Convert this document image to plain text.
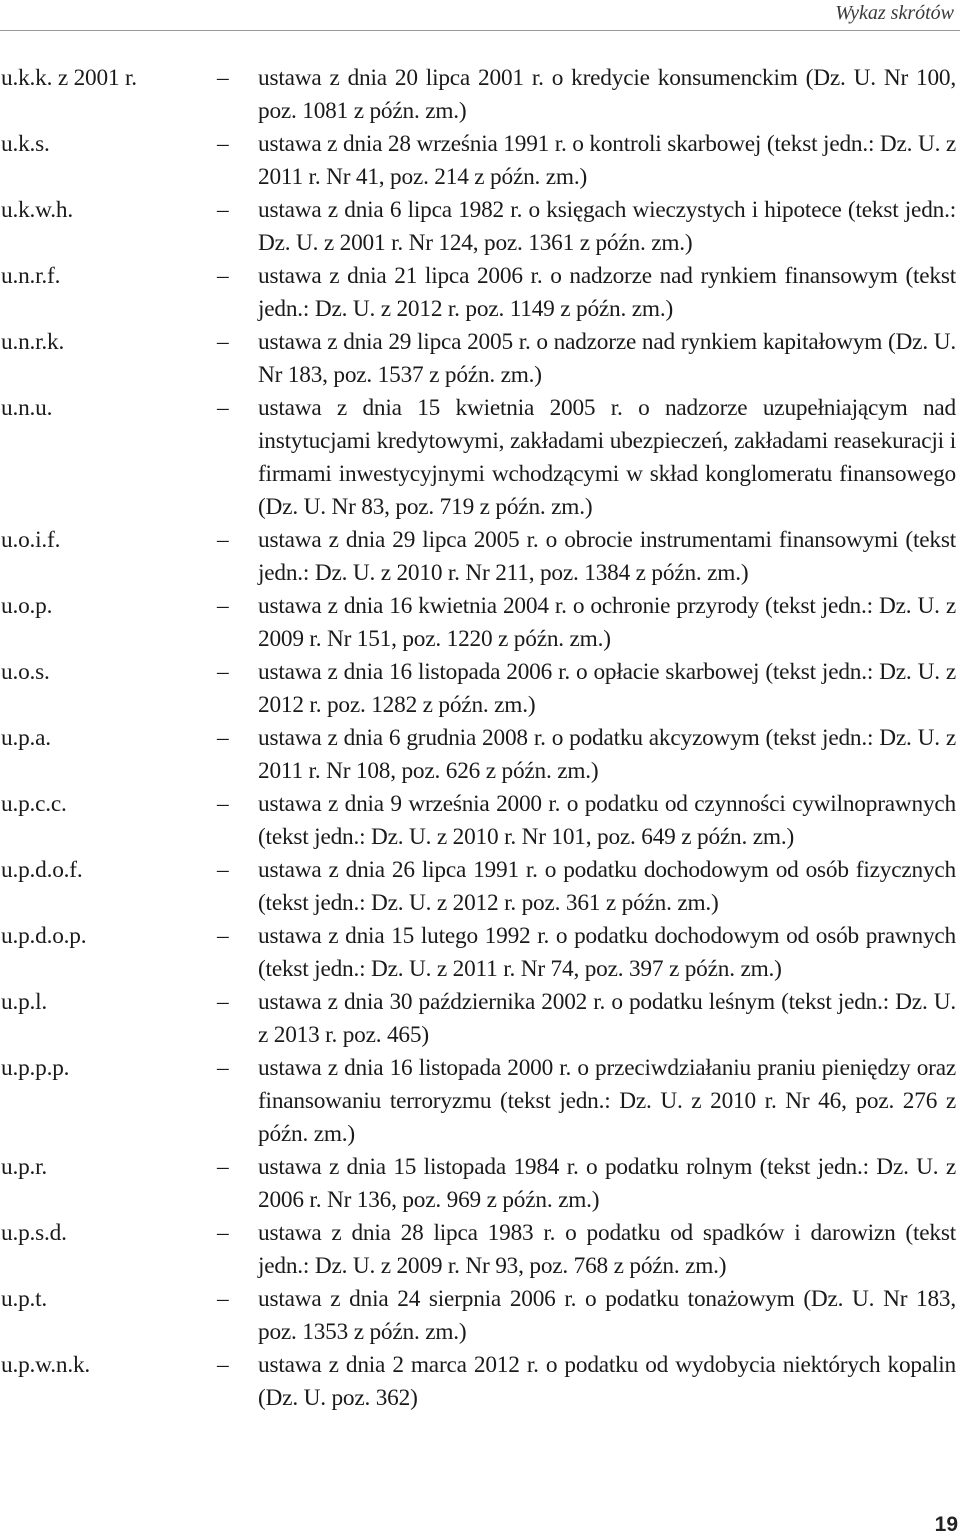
Wykaz skrótów
u.k.k. z 2001 r.	–	ustawa z dnia 20 lipca 2001 r. o kredycie konsumenckim (Dz. U. Nr 100, poz. 1081 z późn. zm.)
u.k.s.	–	ustawa z dnia 28 września 1991 r. o kontroli skarbowej (tekst jedn.: Dz. U. z 2011 r. Nr 41, poz. 214 z późn. zm.)
u.k.w.h.	–	ustawa z dnia 6 lipca 1982 r. o księgach wieczystych i hipotece (tekst jedn.: Dz. U. z 2001 r. Nr 124, poz. 1361 z późn. zm.)
u.n.r.f.	–	ustawa z dnia 21 lipca 2006 r. o nadzorze nad rynkiem finansowym (tekst jedn.: Dz. U. z 2012 r. poz. 1149 z późn. zm.)
u.n.r.k.	–	ustawa z dnia 29 lipca 2005 r. o nadzorze nad rynkiem kapitałowym (Dz. U. Nr 183, poz. 1537 z późn. zm.)
u.n.u.	–	ustawa z dnia 15 kwietnia 2005 r. o nadzorze uzupełniającym nad instytucjami kredytowymi, zakładami ubezpieczeń, zakładami reasekuracji i firmami inwestycyjnymi wchodzącymi w skład konglomeratu finansowego (Dz. U. Nr 83, poz. 719 z późn. zm.)
u.o.i.f.	–	ustawa z dnia 29 lipca 2005 r. o obrocie instrumentami finansowymi (tekst jedn.: Dz. U. z 2010 r. Nr 211, poz. 1384 z późn. zm.)
u.o.p.	–	ustawa z dnia 16 kwietnia 2004 r. o ochronie przyrody (tekst jedn.: Dz. U. z 2009 r. Nr 151, poz. 1220 z późn. zm.)
u.o.s.	–	ustawa z dnia 16 listopada 2006 r. o opłacie skarbowej (tekst jedn.: Dz. U. z 2012 r. poz. 1282 z późn. zm.)
u.p.a.	–	ustawa z dnia 6 grudnia 2008 r. o podatku akcyzowym (tekst jedn.: Dz. U. z 2011 r. Nr 108, poz. 626 z późn. zm.)
u.p.c.c.	–	ustawa z dnia 9 września 2000 r. o podatku od czynności cywilnoprawnych (tekst jedn.: Dz. U. z 2010 r. Nr 101, poz. 649 z późn. zm.)
u.p.d.o.f.	–	ustawa z dnia 26 lipca 1991 r. o podatku dochodowym od osób fizycznych (tekst jedn.: Dz. U. z 2012 r. poz. 361 z późn. zm.)
u.p.d.o.p.	–	ustawa z dnia 15 lutego 1992 r. o podatku dochodowym od osób prawnych (tekst jedn.: Dz. U. z 2011 r. Nr 74, poz. 397 z późn. zm.)
u.p.l.	–	ustawa z dnia 30 października 2002 r. o podatku leśnym (tekst jedn.: Dz. U. z 2013 r. poz. 465)
u.p.p.p.	–	ustawa z dnia 16 listopada 2000 r. o przeciwdziałaniu praniu pieniędzy oraz finansowaniu terroryzmu (tekst jedn.: Dz. U. z 2010 r. Nr 46, poz. 276 z późn. zm.)
u.p.r.	–	ustawa z dnia 15 listopada 1984 r. o podatku rolnym (tekst jedn.: Dz. U. z 2006 r. Nr 136, poz. 969 z późn. zm.)
u.p.s.d.	–	ustawa z dnia 28 lipca 1983 r. o podatku od spadków i darowizn (tekst jedn.: Dz. U. z 2009 r. Nr 93, poz. 768 z późn. zm.)
u.p.t.	–	ustawa z dnia 24 sierpnia 2006 r. o podatku tonażowym (Dz. U. Nr 183, poz. 1353 z późn. zm.)
u.p.w.n.k.	–	ustawa z dnia 2 marca 2012 r. o podatku od wydobycia niektórych kopalin (Dz. U. poz. 362)
19
